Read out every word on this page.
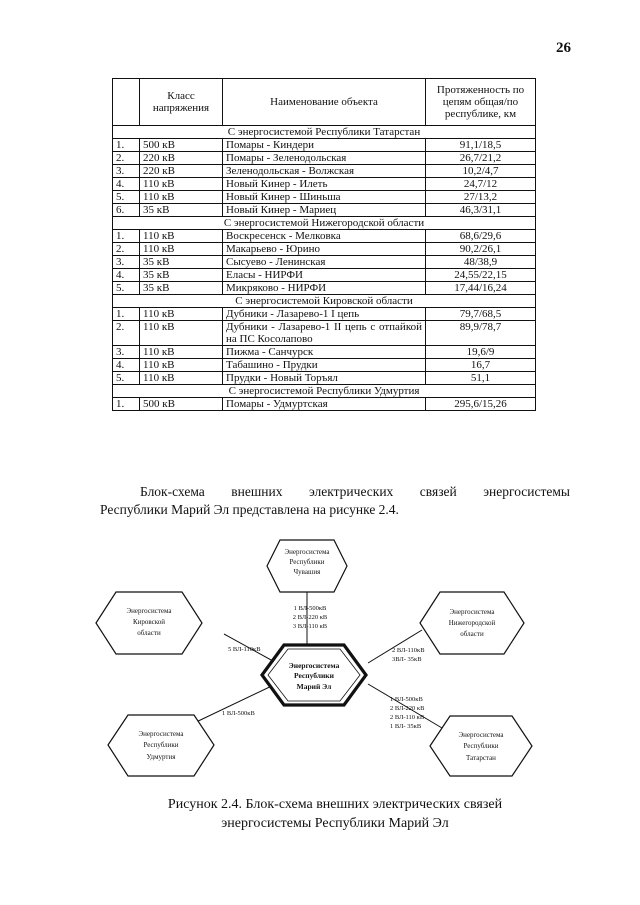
26
	Класс напряжения	Наименование объекта	Протяженность по цепям общая/по республике, км
С энергосистемой Республики Татарстан			
1.	500 кВ	Помары - Киндери	91,1/18,5
2.	220 кВ	Помары - Зеленодольская	26,7/21,2
3.	220 кВ	Зеленодольская - Волжская	10,2/4,7
4.	110 кВ	Новый Кинер - Илеть	24,7/12
5.	110 кВ	Новый Кинер - Шиньша	27/13,2
6.	35 кВ	Новый Кинер - Мариец	46,3/31,1
С энергосистемой Нижегородской области			
1.	110 кВ	Воскресенск - Мелковка	68,6/29,6
2.	110 кВ	Макарьево - Юрино	90,2/26,1
3.	35 кВ	Сысуево - Ленинская	48/38,9
4.	35 кВ	Еласы - НИРФИ	24,55/22,15
5.	35 кВ	Микряково - НИРФИ	17,44/16,24
С энергосистемой Кировской области			
1.	110 кВ	Дубники - Лазарево-1 I цепь	79,7/68,5
2.	110 кВ	Дубники - Лазарево-1 II цепь с отпайкой на ПС Косолапово	89,9/78,7
3.	110 кВ	Пижма - Санчурск	19,6/9
4.	110 кВ	Табашино - Прудки	16,7
5.	110 кВ	Прудки - Новый Торъял	51,1
С энергосистемой Республики Удмуртия			
1.	500 кВ	Помары - Удмуртская	295,6/15,26
Блок-схема внешних электрических связей энергосистемы
Республики Марий Эл представлена на рисунке 2.4.
Энергосистема
Республики
Чувашия
Энергосистема
Кировской
области
Энергосистема
Нижегородской
области
Энергосистема
Республики
Удмуртия
Энергосистема
Республики
Татарстан
Энергосистема
Республики
Марий Эл
1 ВЛ-500кВ
2 ВЛ-220 кВ
3 ВЛ-110 кВ
5 ВЛ-110кВ	2 ВЛ-110кВ
3ВЛ- 35кВ
1 ВЛ-500кВ
1 ВЛ-500кВ
2 ВЛ-220 кВ
2 ВЛ-110 кВ
1 ВЛ- 35кВ
Рисунок 2.4. Блок-схема внешних электрических связей
энергосистемы Республики Марий Эл
